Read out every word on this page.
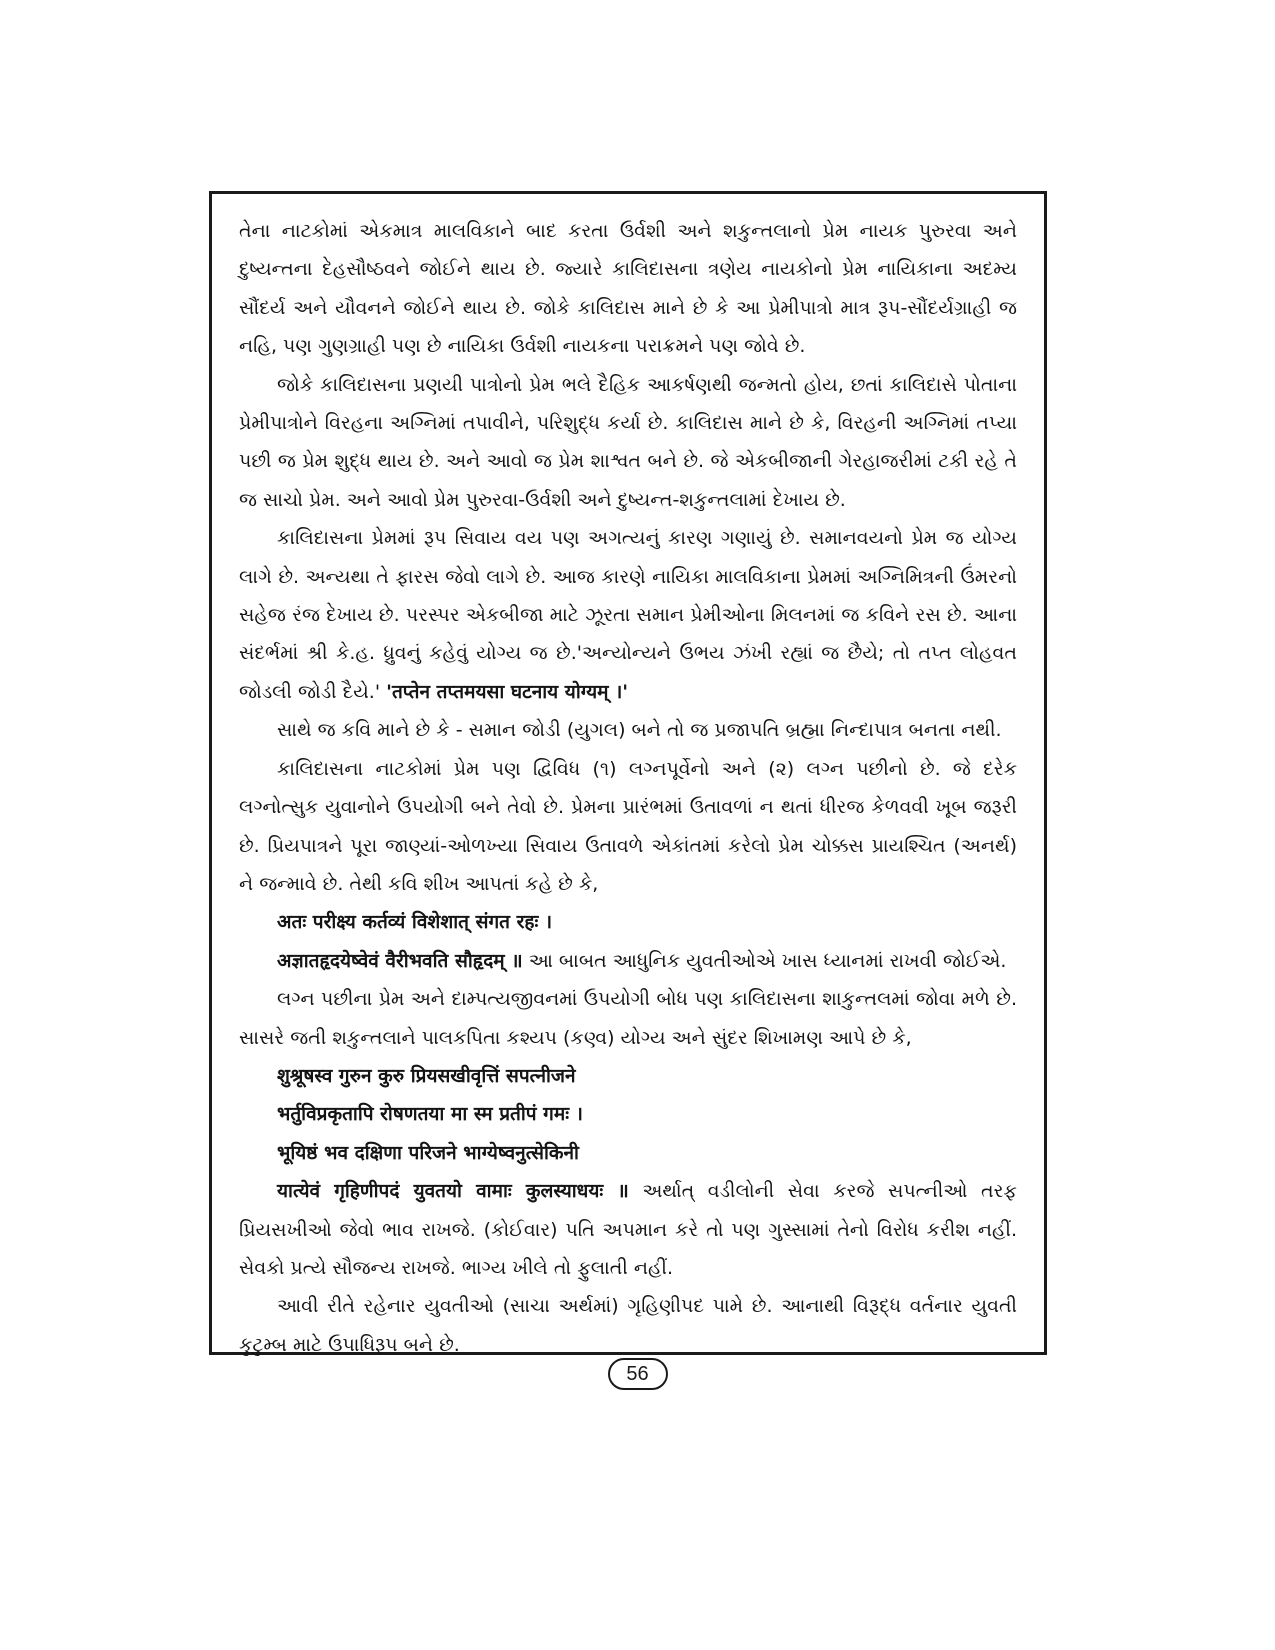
તેના નાટકોમાં એકમાત્ર માલવિકાને બાદ કરતા ઉર્વશી અને શકુન્તલાનો પ્રેમ નાયક પુરુરવા અને દુષ્યન્તના દેહસૌષ્ઠવને જોઈને થાય છે. જ્યારે કાલિદાસના ત્રણેય નાયકોનો પ્રેમ નાયિકાના અદમ્ય સૌંદર્ય અને યૌવનને જોઈને થાય છે. જોકે કાલિદાસ માને છે કે આ પ્રેમીપાત્રો માત્ર રૂપ-સૌંદર્યગ્રાહી જ નહિ, પણ ગુણગ્રાહી પણ છે નાયિકા ઉર્વશી નાયકના પરાક્રમને પણ જોવે છે.

જોકે કાલિદાસના પ્રણયી પાત્રોનો પ્રેમ ભલે દૈહિક આકર્ષણથી જન્મતો હોય, છતાં કાલિદાસે પોતાના પ્રેમીપાત્રોને વિરહના અગ્નિમાં તપાવીને, પરિશુદ્ધ કર્યા છે. કાલિદાસ માને છે કે, વિરહની અગ્નિમાં તપ્યા પછી જ પ્રેમ શુદ્ધ થાય છે. અને આવો જ પ્રેમ શાશ્વત બને છે. જે એકબીજાની ગેરહાજરીમાં ટકી રહે તે જ સાચો પ્રેમ. અને આવો પ્રેમ પુરુરવા-ઉર્વશી અને દુષ્યન્ત-શકુન્તલામાં દેખાય છે.

કાલિદાસના પ્રેમમાં રૂપ સિવાય વય પણ અગત્યનું કારણ ગણાયું છે. સમાનવયનો પ્રેમ જ યોગ્ય લાગે છે. અન્યથા તે ફારસ જેવો લાગે છે. આજ કારણે નાયિકા માલવિકાના પ્રેમમાં અગ્નિમિત્રની ઉંમરનો સહેજ રંજ દેખાય છે. પરસ્પર એકબીજા માટે ઝૂરતા સમાન પ્રેમીઓના મિલનમાં જ કવિને રસ છે. આના સંદર્ભમાં શ્રી કે.હ. ધ્રુવનું કહેવું યોગ્ય જ છે.'અન્યોન્યને ઉભય ઝંખી રહ્યાં જ છૈયે; તો તપ્ત લોહવત જોડલી જોડી દૈયે.' 'तप्तेन तप्तमयसा घटनाय योग्यम् ।'

સાથે જ કવિ માને છે કે - સમાન જોડી (યુગલ) બને તો જ પ્રજાપતિ બ્રહ્મા નિન્દાપાત્ર બનતા નથી.

કાલિદાસના નાટકોમાં પ્રેમ પણ દ્વિવિધ (૧) લગ્નપૂર્વેનો અને (૨) લગ્ન પછીનો છે. જે દરેક લગ્નોત્સુક યુવાનોને ઉપયોગી બને તેવો છે. પ્રેમના પ્રારંભમાં ઉતાવળાં ન થતાં ધીરજ કેળવવી ખૂબ જરૂરી છે. પ્રિયપાત્રને પૂરા જાણ્યાં-ઓળખ્યા સિવાય ઉતાવળે એકાંતમાં કરેલો પ્રેમ ચોક્કસ પ્રાયશ્ચિત (અનર્થ) ને જન્માવે છે. તેથી કવિ શીખ આપતાં કહે છે કે,

अतः परीक्ष्य कर्तव्यं विशेशात् संगत रहः ।

अज्ञातहृदयेष्वेवं वैरीभवति सौहृदम् ॥ આ બાબત આધુનિક યુવતીઓએ ખાસ ધ્યાનમાં રાખવી જોઈએ.

લગ્ન પછીના પ્રેમ અને દામ્પત્યજીવનમાં ઉપયોગી બોધ પણ કાલિદાસના શાકુન્તલમાં જોવા મળે છે. સાસરે જતી શકુન્તલાને પાલકપિતા કશ્યપ (કણ્વ) યોગ્ય અને સુંદર શિખામણ આપે છે કે,

शुश्रूषस्व गुरुन कुरु प्रियसखीवृत्तिं सपत्नीजने

भर्तुविप्रकृतापि रोषणतया मा स्म प्रतीपं गमः ।

भूयिष्ठं भव दक्षिणा परिजने भाग्येष्वनुत्सेकिनी

यात्येवं गृहिणीपदं युवतयो वामाः कुलस्याधयः ॥ અર્થાત્ વડીલોની સેવા કરજે સપત્નીઓ તરફ પ્રિયસખીઓ જેવો ભાવ રાખજે. (કોઈવાર) પતિ અપમાન કરે તો પણ ગુસ્સામાં તેનો વિરોધ કરીશ નહીં. સેવકો પ્રત્યે સૌજન્ય રાખજે. ભાગ્ય ખીલે તો ફુલાતી નહીં.

આવી રીતે રહેનાર યુવતીઓ (સાચા અર્થમાં) ગૃહિણીપદ પામે છે. આનાથી વિરૂદ્ધ વર્તનાર યુવતી કુટુમ્બ માટે ઉપાધિરૂપ બને છે.

56
